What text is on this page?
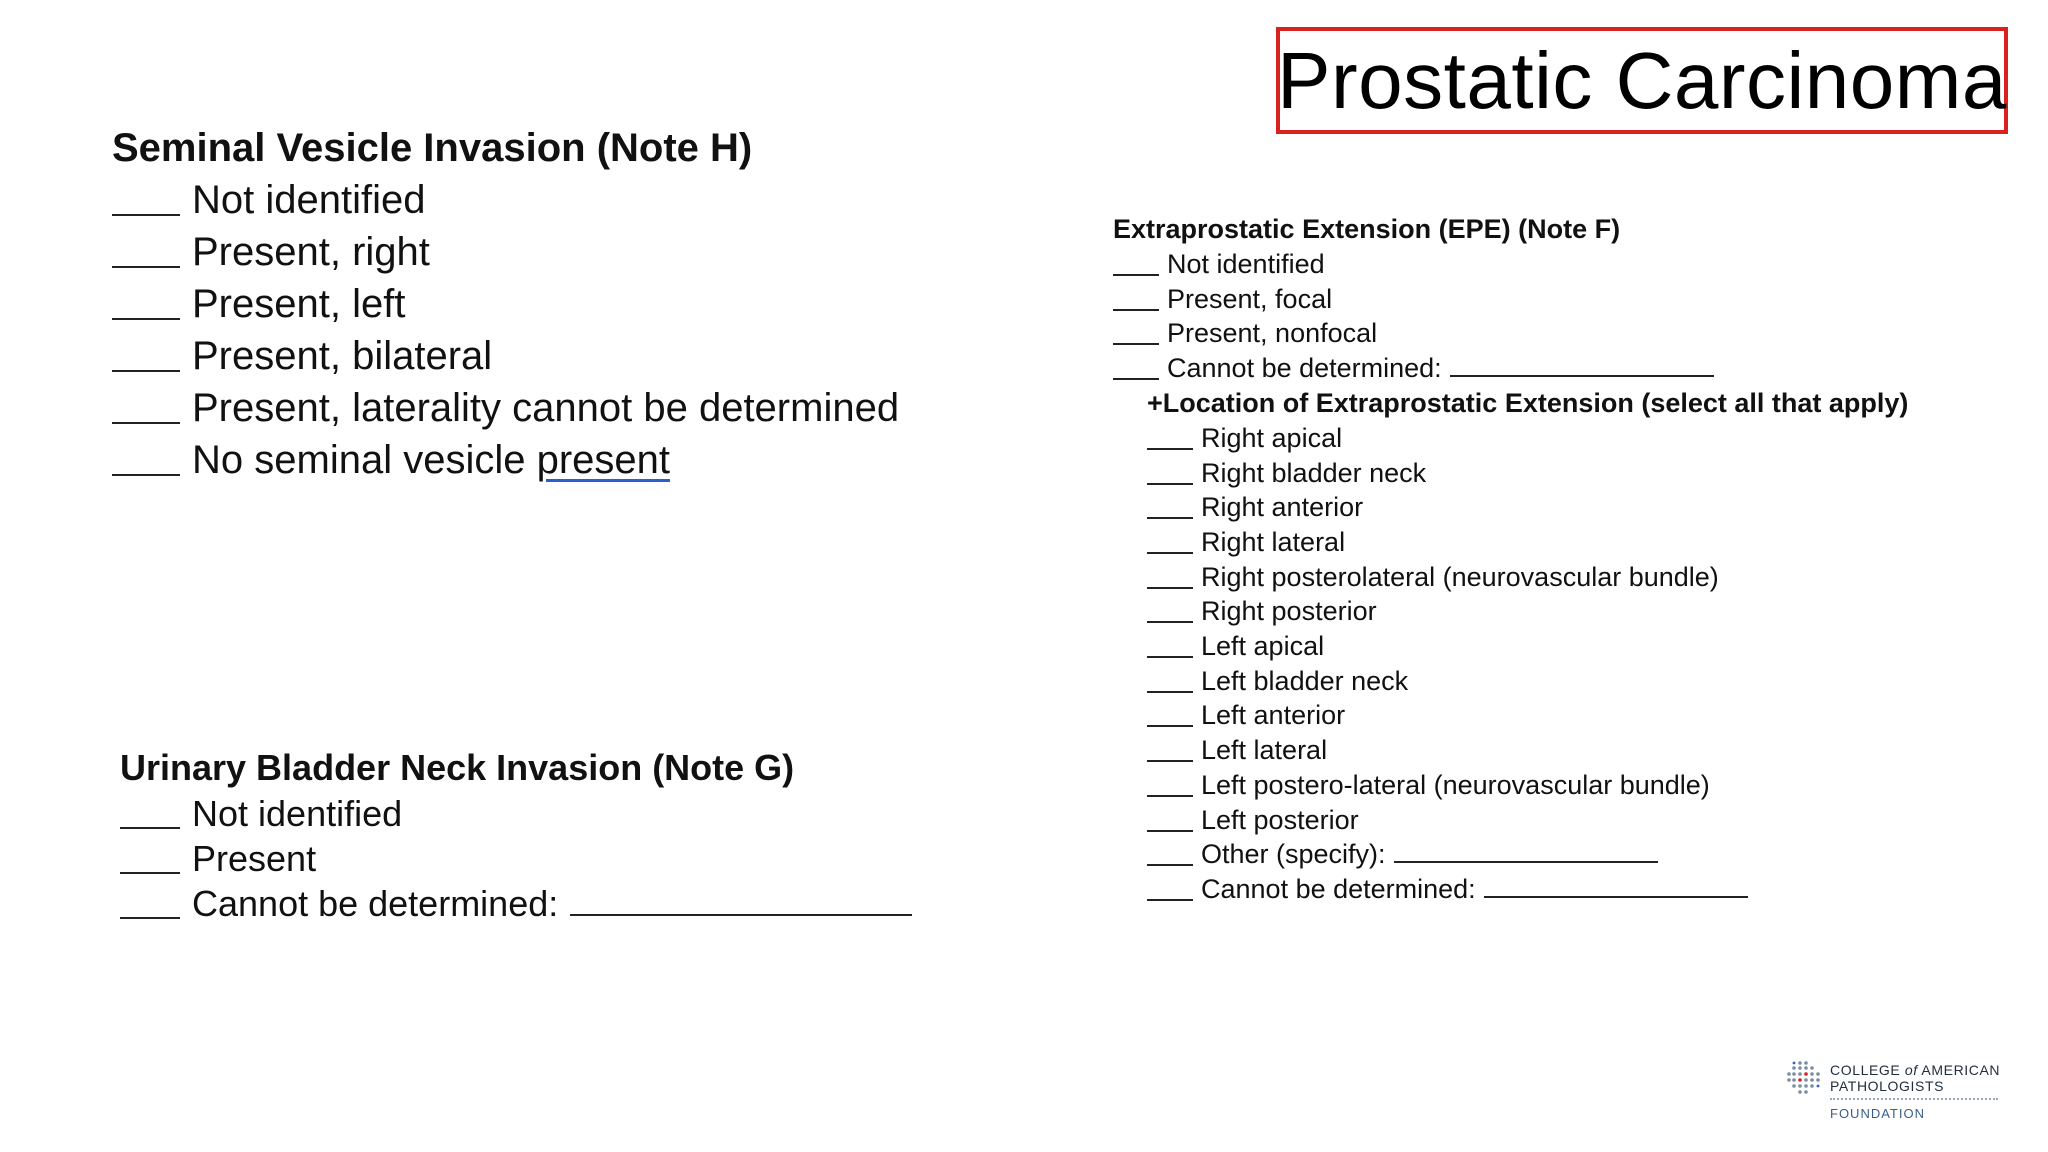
Prostatic Carcinoma
Seminal Vesicle Invasion (Note H)
Not identified
Present, right
Present, left
Present, bilateral
Present, laterality cannot be determined
No seminal vesicle present
Urinary Bladder Neck Invasion (Note G)
Not identified
Present
Cannot be determined:
Extraprostatic Extension (EPE) (Note F)
Not identified
Present, focal
Present, nonfocal
Cannot be determined:
+Location of Extraprostatic Extension (select all that apply)
Right apical
Right bladder neck
Right anterior
Right lateral
Right posterolateral (neurovascular bundle)
Right posterior
Left apical
Left bladder neck
Left anterior
Left lateral
Left postero-lateral (neurovascular bundle)
Left posterior
Other (specify):
Cannot be determined:
COLLEGE of AMERICAN
PATHOLOGISTS
FOUNDATION
